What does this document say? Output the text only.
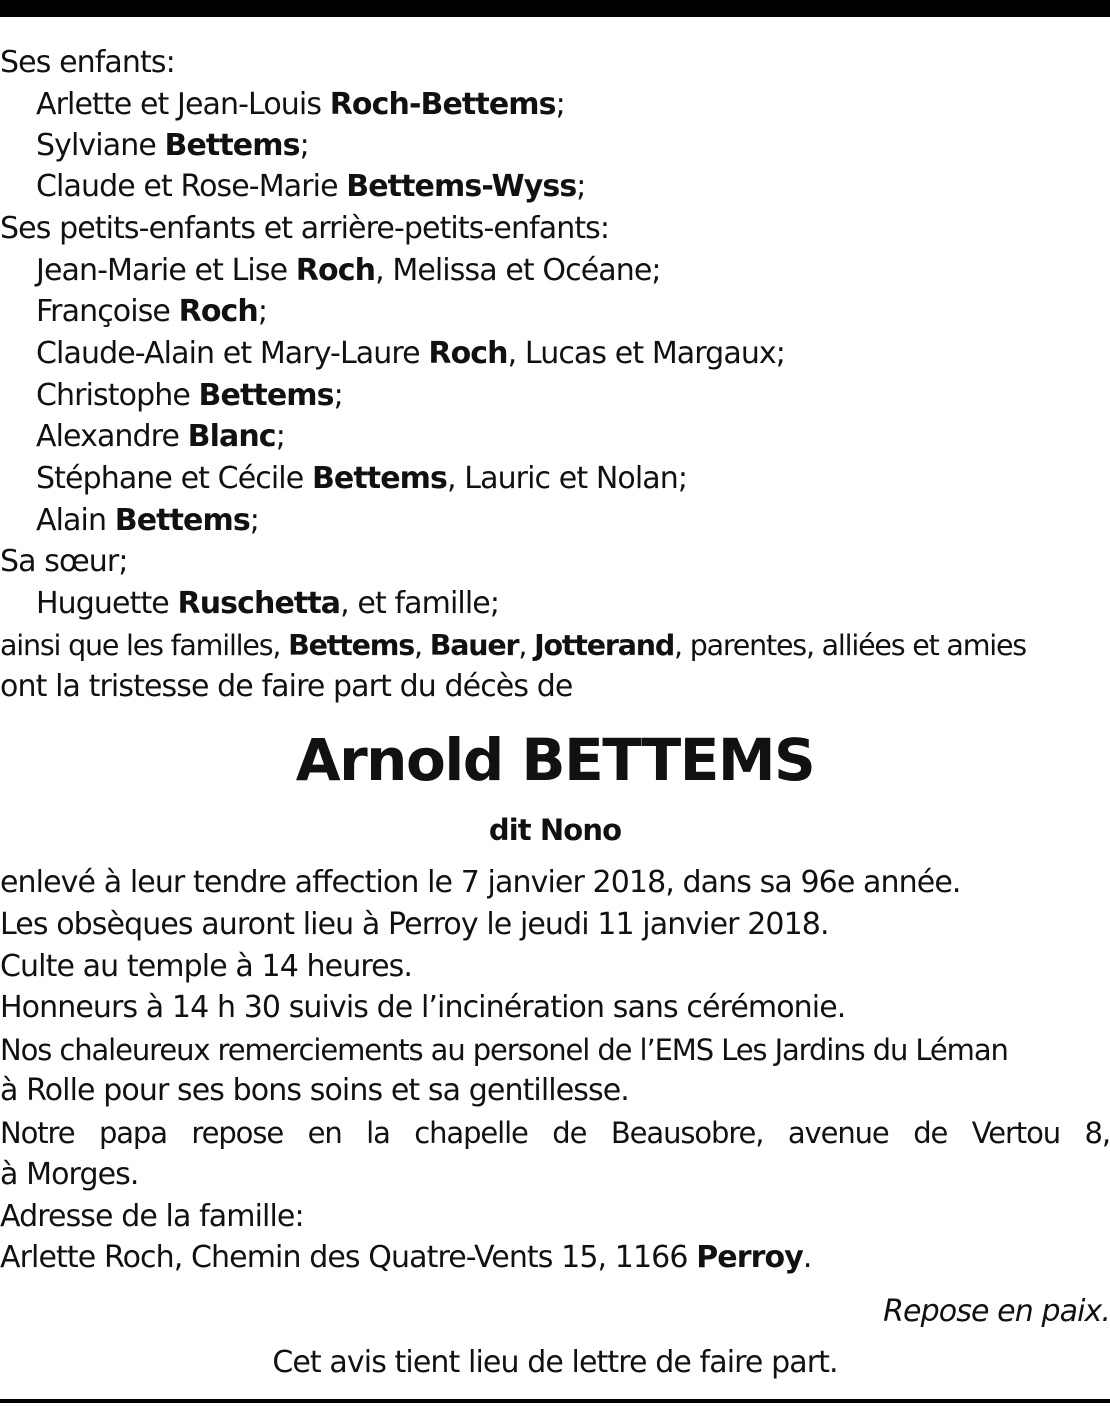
Ses enfants:
Arlette et Jean-Louis Roch-Bettems;
Sylviane Bettems;
Claude et Rose-Marie Bettems-Wyss;
Ses petits-enfants et arrière-petits-enfants:
Jean-Marie et Lise Roch, Melissa et Océane;
Françoise Roch;
Claude-Alain et Mary-Laure Roch, Lucas et Margaux;
Christophe Bettems;
Alexandre Blanc;
Stéphane et Cécile Bettems, Lauric et Nolan;
Alain Bettems;
Sa sœur;
Huguette Ruschetta, et famille;
ainsi que les familles, Bettems, Bauer, Jotterand, parentes, alliées et amies
ont la tristesse de faire part du décès de
Arnold BETTEMS
dit Nono
enlevé à leur tendre affection le 7 janvier 2018, dans sa 96e année.
Les obsèques auront lieu à Perroy le jeudi 11 janvier 2018.
Culte au temple à 14 heures.
Honneurs à 14 h 30 suivis de l’incinération sans cérémonie.
Nos chaleureux remerciements au personel de l’EMS Les Jardins du Léman
à Rolle pour ses bons soins et sa gentillesse.
Notre papa repose en la chapelle de Beausobre, avenue de Vertou 8,
à Morges.
Adresse de la famille:
Arlette Roch, Chemin des Quatre-Vents 15, 1166 Perroy.
Repose en paix.
Cet avis tient lieu de lettre de faire part.
